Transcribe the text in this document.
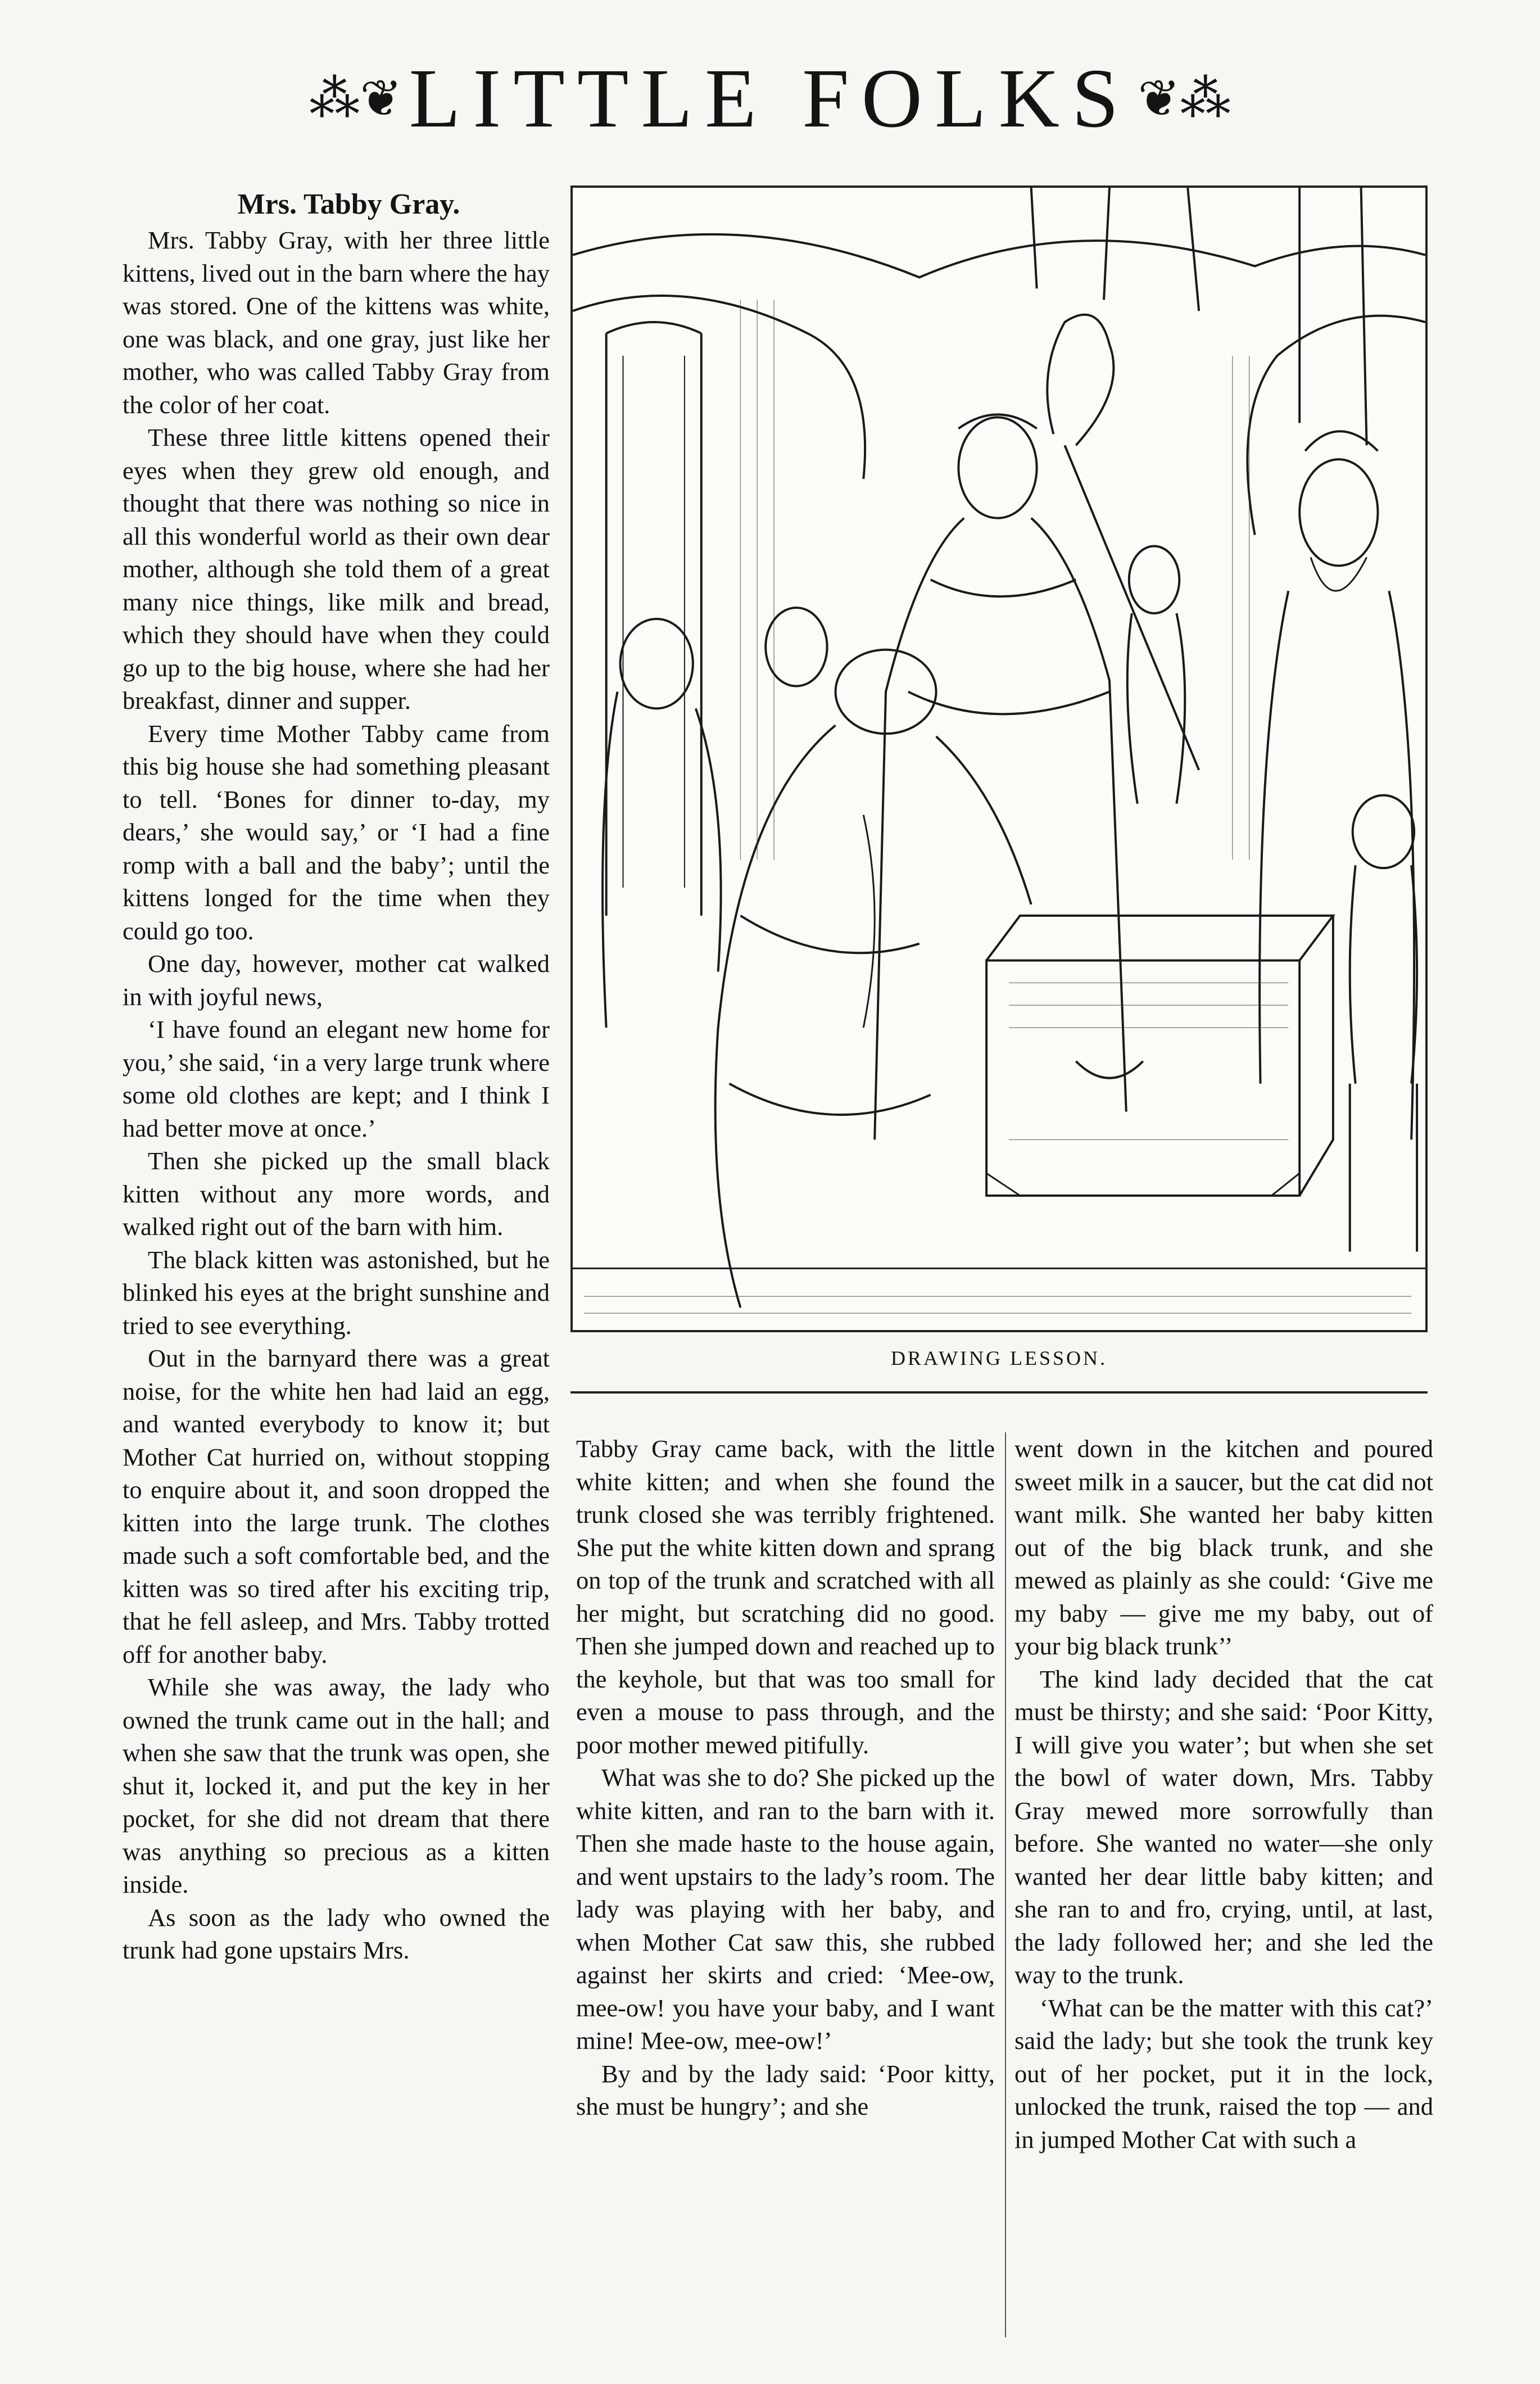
⁂❦ LITTLE FOLKS ❦⁂

Mrs. Tabby Gray.

Mrs. Tabby Gray, with her three little kittens, lived out in the barn where the hay was stored. One of the kittens was white, one was black, and one gray, just like her mother, who was called Tabby Gray from the color of her coat.

These three little kittens opened their eyes when they grew old enough, and thought that there was nothing so nice in all this wonderful world as their own dear mother, although she told them of a great many nice things, like milk and bread, which they should have when they could go up to the big house, where she had her breakfast, dinner and supper.

Every time Mother Tabby came from this big house she had something pleasant to tell. ‘Bones for dinner to-day, my dears,’ she would say,’ or ‘I had a fine romp with a ball and the baby’; until the kittens longed for the time when they could go too.

One day, however, mother cat walked in with joyful news,

‘I have found an elegant new home for you,’ she said, ‘in a very large trunk where some old clothes are kept; and I think I had better move at once.’

Then she picked up the small black kitten without any more words, and walked right out of the barn with him.

The black kitten was astonished, but he blinked his eyes at the bright sunshine and tried to see everything.

Out in the barnyard there was a great noise, for the white hen had laid an egg, and wanted everybody to know it; but Mother Cat hurried on, without stopping to enquire about it, and soon dropped the kitten into the large trunk. The clothes made such a soft comfortable bed, and the kitten was so tired after his exciting trip, that he fell asleep, and Mrs. Tabby trotted off for another baby.

While she was away, the lady who owned the trunk came out in the hall; and when she saw that the trunk was open, she shut it, locked it, and put the key in her pocket, for she did not dream that there was anything so precious as a kitten inside.

As soon as the lady who owned the trunk had gone upstairs Mrs.

DRAWING LESSON.

Tabby Gray came back, with the little white kitten; and when she found the trunk closed she was terribly frightened. She put the white kitten down and sprang on top of the trunk and scratched with all her might, but scratching did no good. Then she jumped down and reached up to the keyhole, but that was too small for even a mouse to pass through, and the poor mother mewed pitifully.

What was she to do? She picked up the white kitten, and ran to the barn with it. Then she made haste to the house again, and went upstairs to the lady’s room. The lady was playing with her baby, and when Mother Cat saw this, she rubbed against her skirts and cried: ‘Mee-ow, mee-ow! you have your baby, and I want mine! Mee-ow, mee-ow!’

By and by the lady said: ‘Poor kitty, she must be hungry’; and she

went down in the kitchen and poured sweet milk in a saucer, but the cat did not want milk. She wanted her baby kitten out of the big black trunk, and she mewed as plainly as she could: ‘Give me my baby — give me my baby, out of your big black trunk’’

The kind lady decided that the cat must be thirsty; and she said: ‘Poor Kitty, I will give you water’; but when she set the bowl of water down, Mrs. Tabby Gray mewed more sorrowfully than before. She wanted no water—she only wanted her dear little baby kitten; and she ran to and fro, crying, until, at last, the lady followed her; and she led the way to the trunk.

‘What can be the matter with this cat?’ said the lady; but she took the trunk key out of her pocket, put it in the lock, unlocked the trunk, raised the top — and in jumped Mother Cat with such a
